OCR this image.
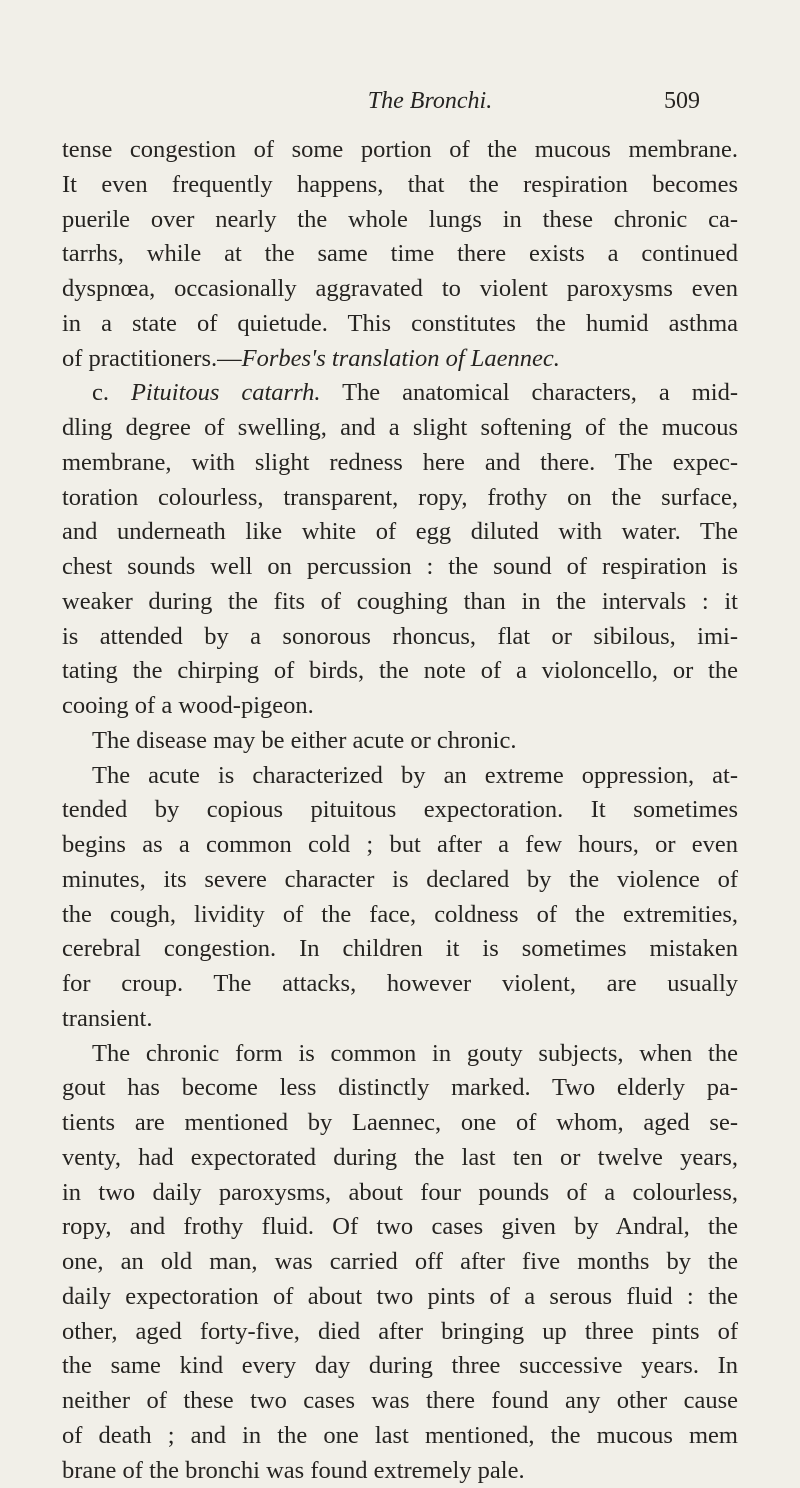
The Bronchi.	509
tense congestion of some portion of the mucous membrane.
It even frequently happens, that the respiration becomes
puerile over nearly the whole lungs in these chronic ca-
tarrhs, while at the same time there exists a continued
dyspnœa, occasionally aggravated to violent paroxysms even
in a state of quietude. This constitutes the humid asthma
of practitioners.—Forbes's translation of Laennec.
c. Pituitous catarrh. The anatomical characters, a mid-
dling degree of swelling, and a slight softening of the mucous
membrane, with slight redness here and there. The expec-
toration colourless, transparent, ropy, frothy on the surface,
and underneath like white of egg diluted with water. The
chest sounds well on percussion : the sound of respiration is
weaker during the fits of coughing than in the intervals : it
is attended by a sonorous rhoncus, flat or sibilous, imi-
tating the chirping of birds, the note of a violoncello, or the
cooing of a wood-pigeon.
The disease may be either acute or chronic.
The acute is characterized by an extreme oppression, at-
tended by copious pituitous expectoration. It sometimes
begins as a common cold ; but after a few hours, or even
minutes, its severe character is declared by the violence of
the cough, lividity of the face, coldness of the extremities,
cerebral congestion. In children it is sometimes mistaken
for croup. The attacks, however violent, are usually
transient.
The chronic form is common in gouty subjects, when the
gout has become less distinctly marked. Two elderly pa-
tients are mentioned by Laennec, one of whom, aged se-
venty, had expectorated during the last ten or twelve years,
in two daily paroxysms, about four pounds of a colourless,
ropy, and frothy fluid. Of two cases given by Andral, the
one, an old man, was carried off after five months by the
daily expectoration of about two pints of a serous fluid : the
other, aged forty-five, died after bringing up three pints of
the same kind every day during three successive years. In
neither of these two cases was there found any other cause
of death ; and in the one last mentioned, the mucous mem
brane of the bronchi was found extremely pale.
